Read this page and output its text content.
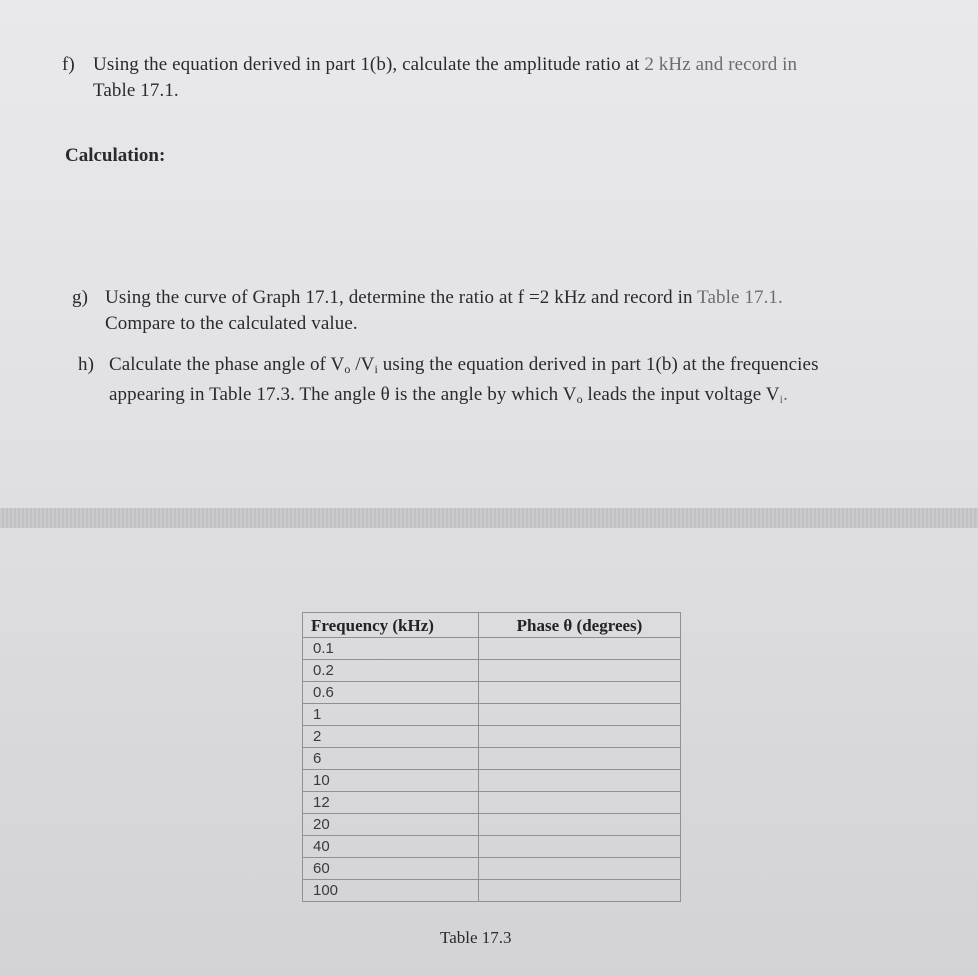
f) Using the equation derived in part 1(b), calculate the amplitude ratio at 2 kHz and record in
Table 17.1.
Calculation:
g) Using the curve of Graph 17.1, determine the ratio at f =2 kHz and record in Table 17.1.
Compare to the calculated value.
h) Calculate the phase angle of $V_o$ $/V_i$ using the equation derived in part 1(b) at the frequencies
appearing in Table 17.3. The angle θ is the angle by which $V_o$ leads the input voltage $V_i$.
Frequency (kHz)	Phase θ (degrees)
0.1	
0.2	
0.6	
1	
2	
6	
10	
12	
20	
40	
60	
100	
Table 17.3
